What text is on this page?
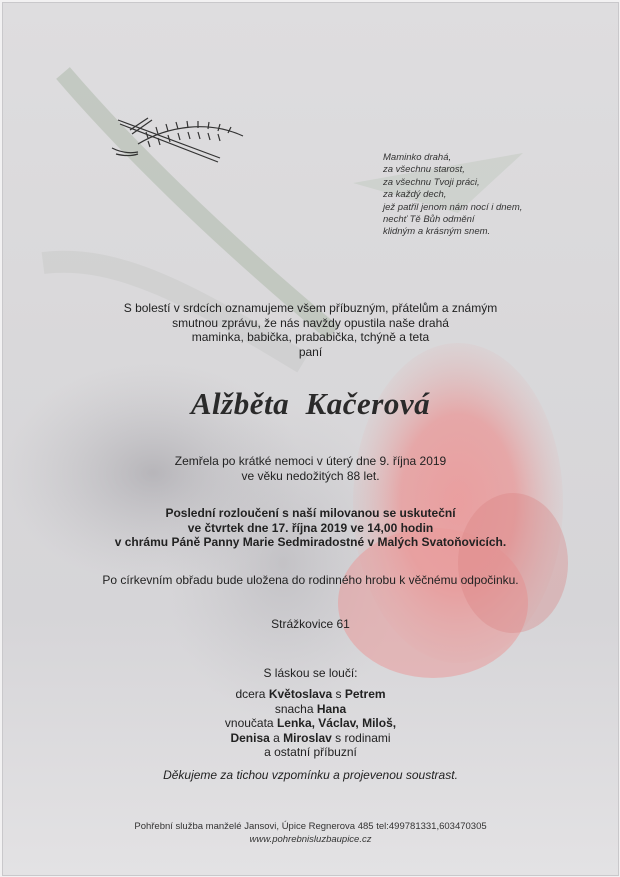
Maminko drahá,
za všechnu starost,
za všechnu Tvoji práci,
za každý dech,
jež patřil jenom nám nocí i dnem,
nechť Tě Bůh odmění
klidným a krásným snem.
S bolestí v srdcích oznamujeme všem příbuzným, přátelům a známým
smutnou zprávu, že nás navždy opustila naše drahá
maminka, babička, prababička, tchýně a teta
paní
Alžběta  Kačerová
Zemřela po krátké nemoci v úterý dne 9. října 2019
ve věku nedožitých 88 let.
Poslední rozloučení s naší milovanou se uskuteční
ve čtvrtek dne 17. října 2019 ve 14,00 hodin
v chrámu Páně Panny Marie Sedmiradostné v Malých Svatoňovicích.
Po církevním obřadu bude uložena do rodinného hrobu k věčnému odpočinku.
Strážkovice 61
S láskou se loučí:
dcera Květoslava s Petrem
snacha Hana
vnoučata Lenka, Václav, Miloš,
Denisa a Miroslav s rodinami
a ostatní příbuzní
Děkujeme za tichou vzpomínku a projevenou soustrast.
Pohřební služba manželé Jansovi, Úpice Regnerova 485 tel:499781331,603470305
www.pohrebnisluzbaupice.cz
